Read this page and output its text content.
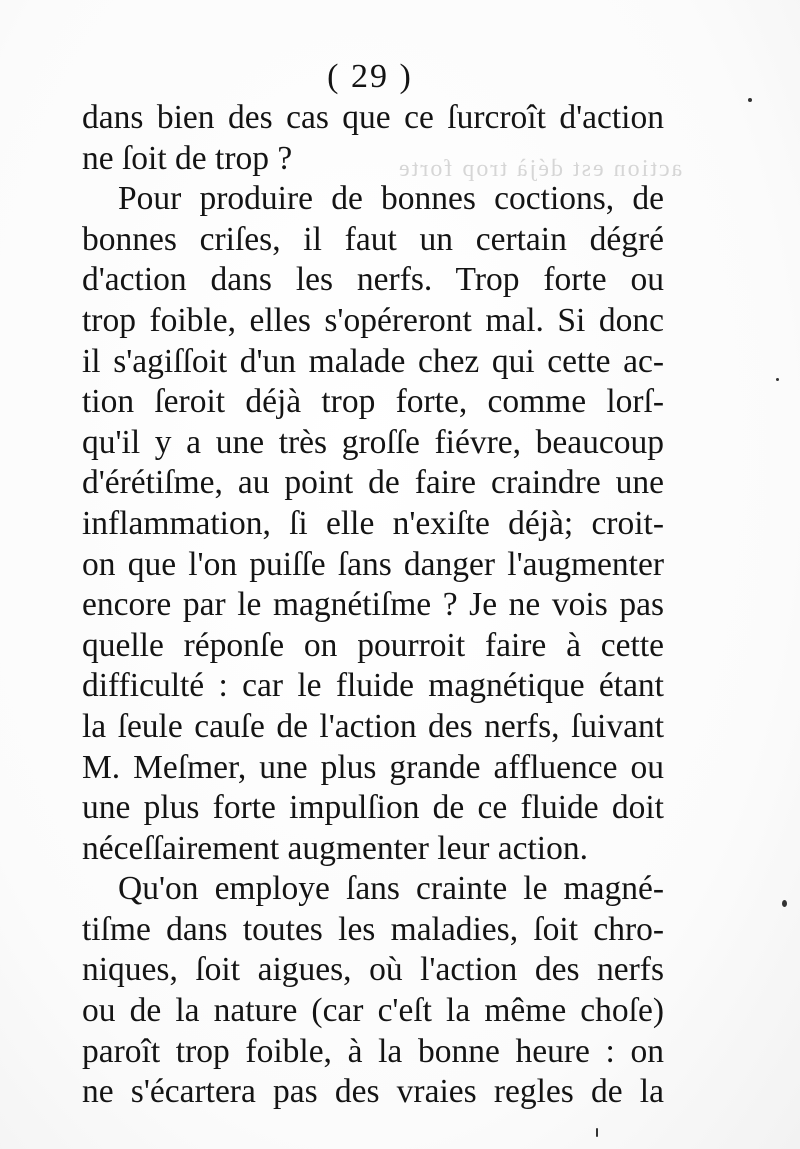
action est déjà trop forte
( 29 )
dans bien des cas que ce ſurcroît d'action
ne ſoit de trop ?
Pour produire de bonnes coctions, de
bonnes criſes, il faut un certain dégré
d'action dans les nerfs. Trop forte ou
trop foible, elles s'opéreront mal. Si donc
il s'agiſſoit d'un malade chez qui cette ac-
tion ſeroit déjà trop forte, comme lorſ-
qu'il y a une très groſſe fiévre, beaucoup
d'érétiſme, au point de faire craindre une
inflammation, ſi elle n'exiſte déjà; croit-
on que l'on puiſſe ſans danger l'augmenter
encore par le magnétiſme ? Je ne vois pas
quelle réponſe on pourroit faire à cette
difficulté : car le fluide magnétique étant
la ſeule cauſe de l'action des nerfs, ſuivant
M. Meſmer, une plus grande affluence ou
une plus forte impulſion de ce fluide doit
néceſſairement augmenter leur action.
Qu'on employe ſans crainte le magné-
tiſme dans toutes les maladies, ſoit chro-
niques, ſoit aigues, où l'action des nerfs
ou de la nature (car c'eſt la même choſe)
paroît trop foible, à la bonne heure : on
ne s'écartera pas des vraies regles de la
